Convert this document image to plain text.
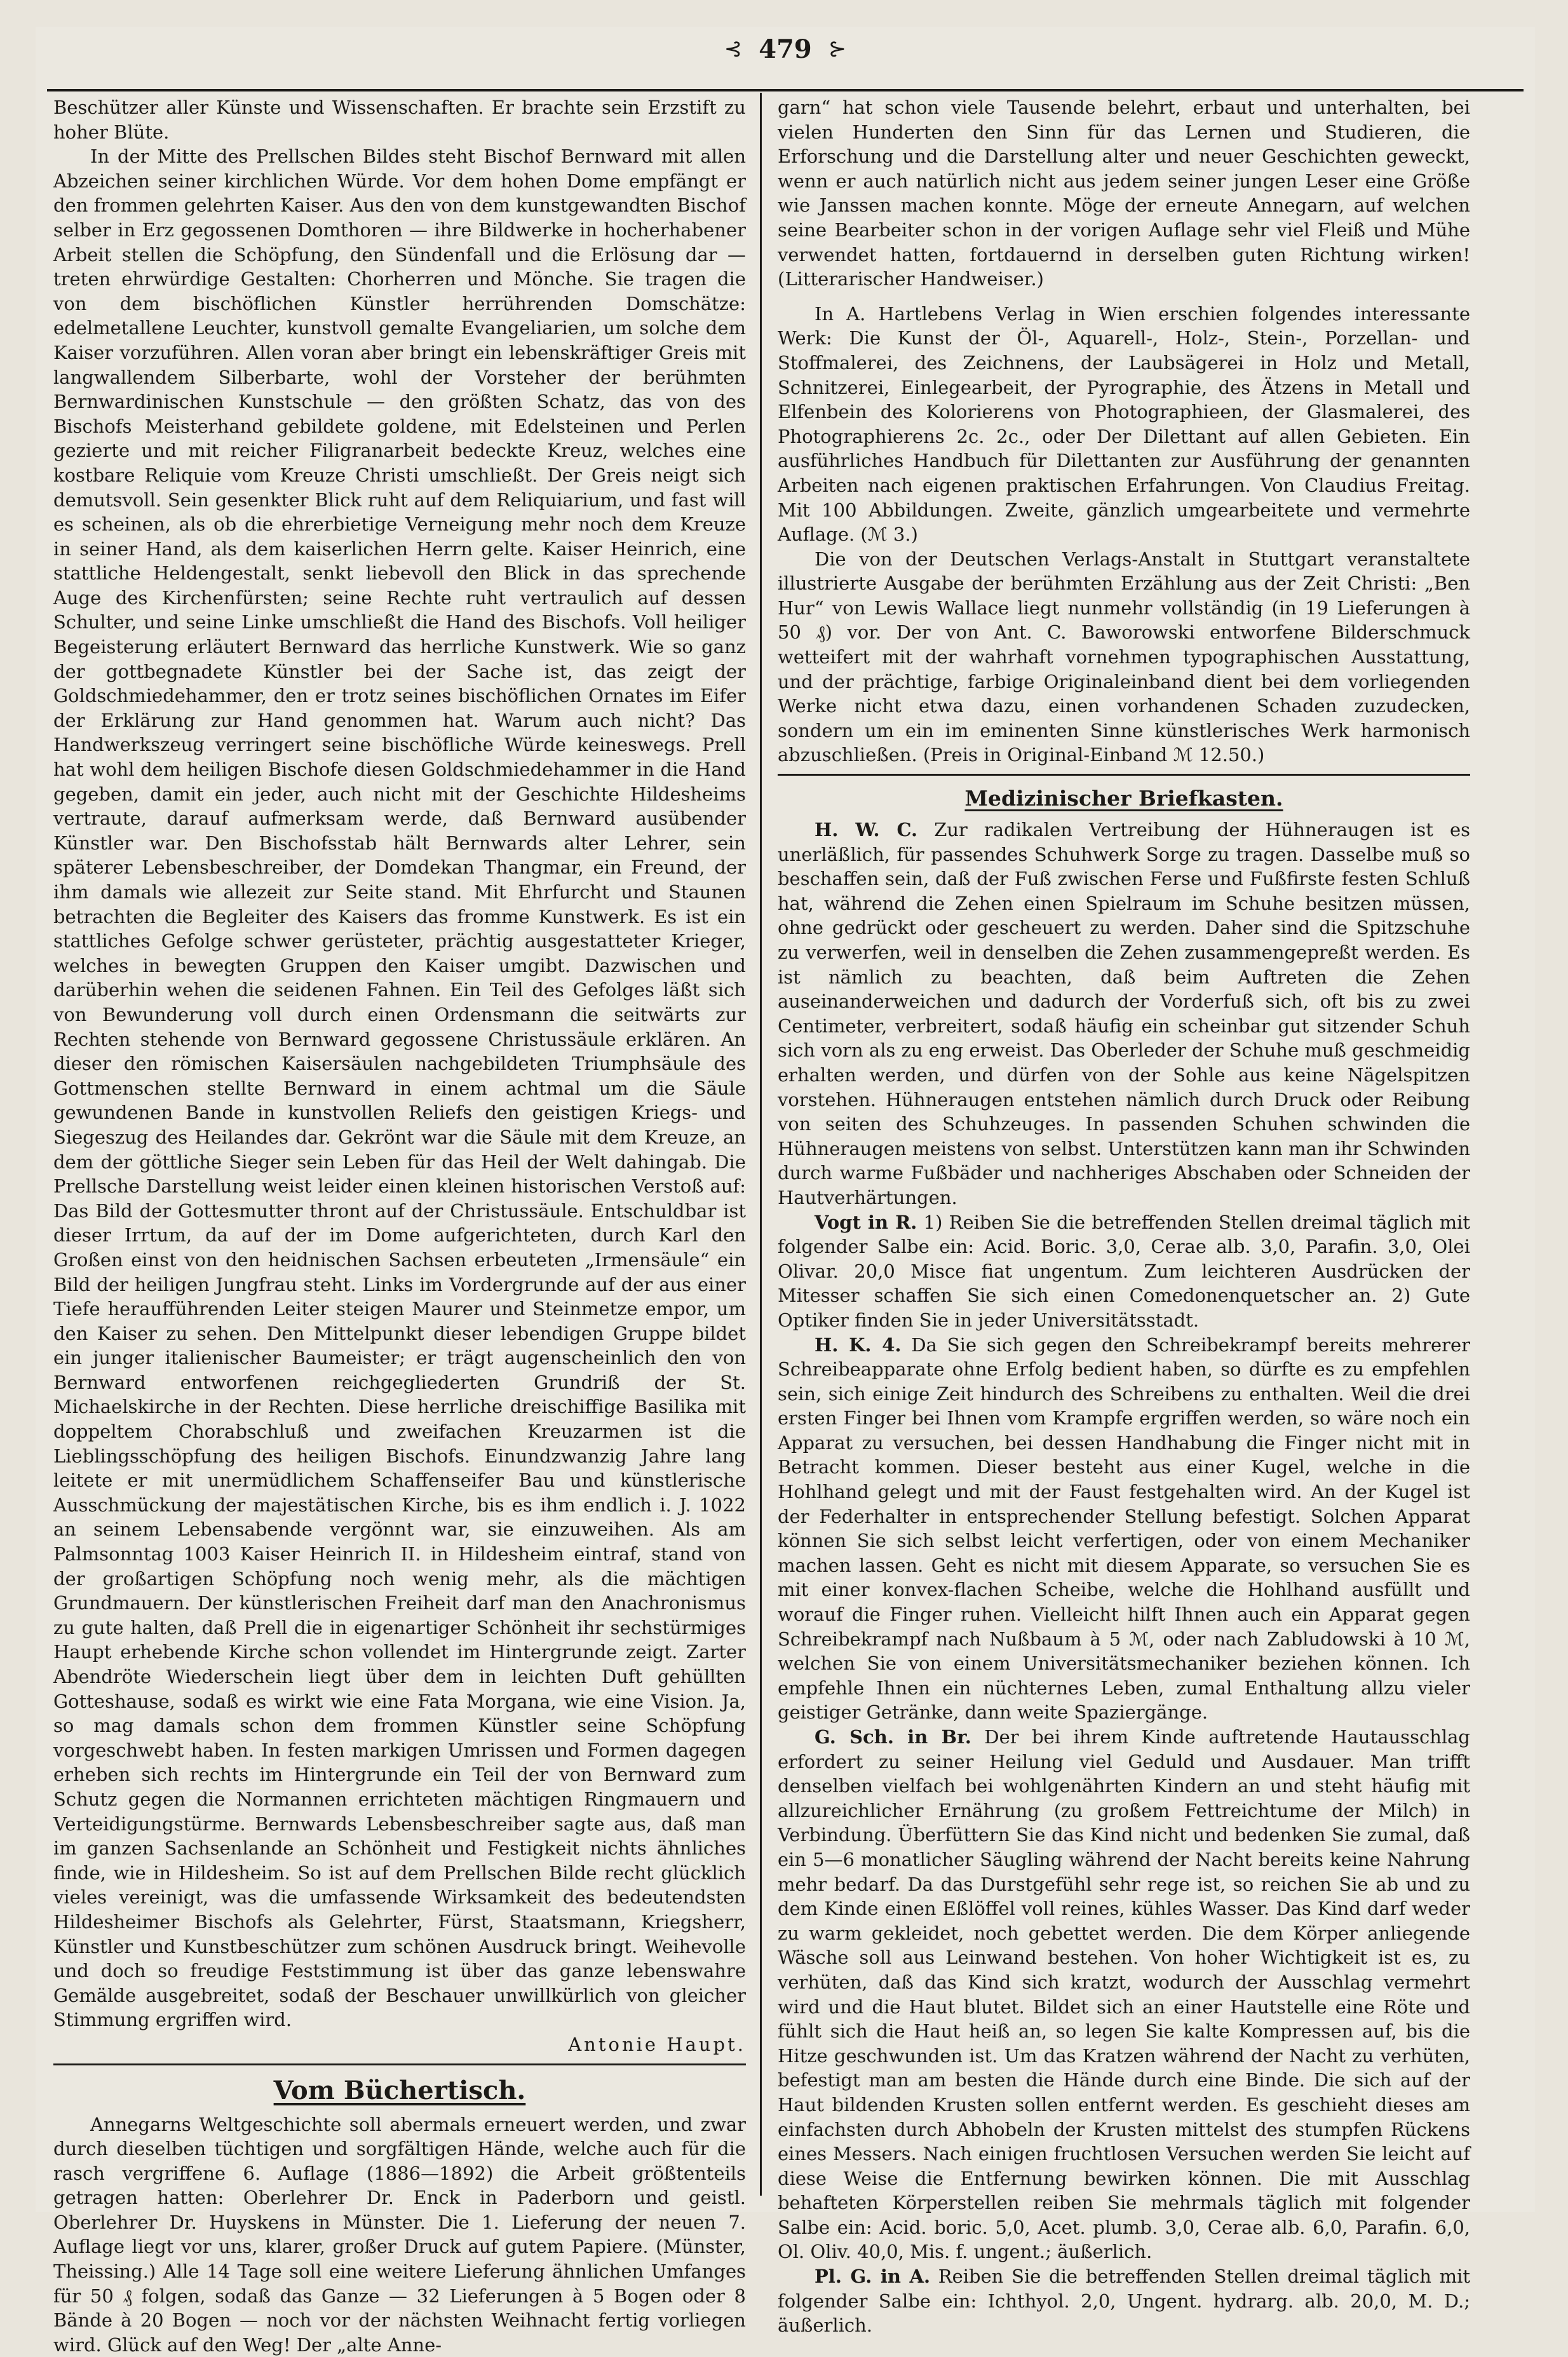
⊰ 479 ⊱

Beschützer aller Künste und Wissenschaften. Er brachte sein Erzstift zu hoher Blüte.

In der Mitte des Prellschen Bildes steht Bischof Bernward mit allen Abzeichen seiner kirchlichen Würde. Vor dem hohen Dome empfängt er den frommen gelehrten Kaiser. Aus den von dem kunstgewandten Bischof selber in Erz gegossenen Domthoren — ihre Bildwerke in hocherhabener Arbeit stellen die Schöpfung, den Sündenfall und die Erlösung dar — treten ehrwürdige Gestalten: Chorherren und Mönche. Sie tragen die von dem bischöflichen Künstler herrührenden Domschätze: edelmetallene Leuchter, kunstvoll gemalte Evangeliarien, um solche dem Kaiser vorzuführen. Allen voran aber bringt ein lebenskräftiger Greis mit langwallendem Silberbarte, wohl der Vorsteher der berühmten Bernwardinischen Kunstschule — den größten Schatz, das von des Bischofs Meisterhand gebildete goldene, mit Edelsteinen und Perlen gezierte und mit reicher Filigranarbeit bedeckte Kreuz, welches eine kostbare Reliquie vom Kreuze Christi umschließt. Der Greis neigt sich demutsvoll. Sein gesenkter Blick ruht auf dem Reliquiarium, und fast will es scheinen, als ob die ehrerbietige Verneigung mehr noch dem Kreuze in seiner Hand, als dem kaiserlichen Herrn gelte. Kaiser Heinrich, eine stattliche Heldengestalt, senkt liebevoll den Blick in das sprechende Auge des Kirchenfürsten; seine Rechte ruht vertraulich auf dessen Schulter, und seine Linke umschließt die Hand des Bischofs. Voll heiliger Begeisterung erläutert Bernward das herrliche Kunstwerk. Wie so ganz der gottbegnadete Künstler bei der Sache ist, das zeigt der Goldschmiedehammer, den er trotz seines bischöflichen Ornates im Eifer der Erklärung zur Hand genommen hat. Warum auch nicht? Das Handwerkszeug verringert seine bischöfliche Würde keineswegs. Prell hat wohl dem heiligen Bischofe diesen Goldschmiedehammer in die Hand gegeben, damit ein jeder, auch nicht mit der Geschichte Hildesheims vertraute, darauf aufmerksam werde, daß Bernward ausübender Künstler war. Den Bischofsstab hält Bernwards alter Lehrer, sein späterer Lebensbeschreiber, der Domdekan Thangmar, ein Freund, der ihm damals wie allezeit zur Seite stand. Mit Ehrfurcht und Staunen betrachten die Begleiter des Kaisers das fromme Kunstwerk. Es ist ein stattliches Gefolge schwer gerüsteter, prächtig ausgestatteter Krieger, welches in bewegten Gruppen den Kaiser umgibt. Dazwischen und darüberhin wehen die seidenen Fahnen. Ein Teil des Gefolges läßt sich von Bewunderung voll durch einen Ordensmann die seitwärts zur Rechten stehende von Bernward gegossene Christussäule erklären. An dieser den römischen Kaisersäulen nachgebildeten Triumphsäule des Gottmenschen stellte Bernward in einem achtmal um die Säule gewundenen Bande in kunstvollen Reliefs den geistigen Kriegs- und Siegeszug des Heilandes dar. Gekrönt war die Säule mit dem Kreuze, an dem der göttliche Sieger sein Leben für das Heil der Welt dahingab. Die Prellsche Darstellung weist leider einen kleinen historischen Verstoß auf: Das Bild der Gottesmutter thront auf der Christussäule. Entschuldbar ist dieser Irrtum, da auf der im Dome aufgerichteten, durch Karl den Großen einst von den heidnischen Sachsen erbeuteten „Irmensäule“ ein Bild der heiligen Jungfrau steht. Links im Vordergrunde auf der aus einer Tiefe heraufführenden Leiter steigen Maurer und Steinmetze empor, um den Kaiser zu sehen. Den Mittelpunkt dieser lebendigen Gruppe bildet ein junger italienischer Baumeister; er trägt augenscheinlich den von Bernward entworfenen reichgegliederten Grundriß der St. Michaelskirche in der Rechten. Diese herrliche dreischiffige Basilika mit doppeltem Chorabschluß und zweifachen Kreuzarmen ist die Lieblingsschöpfung des heiligen Bischofs. Einundzwanzig Jahre lang leitete er mit unermüdlichem Schaffenseifer Bau und künstlerische Ausschmückung der majestätischen Kirche, bis es ihm endlich i. J. 1022 an seinem Lebensabende vergönnt war, sie einzuweihen. Als am Palmsonntag 1003 Kaiser Heinrich II. in Hildesheim eintraf, stand von der großartigen Schöpfung noch wenig mehr, als die mächtigen Grundmauern. Der künstlerischen Freiheit darf man den Anachronismus zu gute halten, daß Prell die in eigenartiger Schönheit ihr sechstürmiges Haupt erhebende Kirche schon vollendet im Hintergrunde zeigt. Zarter Abendröte Wiederschein liegt über dem in leichten Duft gehüllten Gotteshause, sodaß es wirkt wie eine Fata Morgana, wie eine Vision. Ja, so mag damals schon dem frommen Künstler seine Schöpfung vorgeschwebt haben. In festen markigen Umrissen und Formen dagegen erheben sich rechts im Hintergrunde ein Teil der von Bernward zum Schutz gegen die Normannen errichteten mächtigen Ringmauern und Verteidigungstürme. Bernwards Lebensbeschreiber sagte aus, daß man im ganzen Sachsenlande an Schönheit und Festigkeit nichts ähnliches finde, wie in Hildesheim. So ist auf dem Prellschen Bilde recht glücklich vieles vereinigt, was die umfassende Wirksamkeit des bedeutendsten Hildesheimer Bischofs als Gelehrter, Fürst, Staatsmann, Kriegsherr, Künstler und Kunstbeschützer zum schönen Ausdruck bringt. Weihevolle und doch so freudige Feststimmung ist über das ganze lebenswahre Gemälde ausgebreitet, sodaß der Beschauer unwillkürlich von gleicher Stimmung ergriffen wird.

Antonie Haupt.
Vom Büchertisch.

Annegarns Weltgeschichte soll abermals erneuert werden, und zwar durch dieselben tüchtigen und sorgfältigen Hände, welche auch für die rasch vergriffene 6. Auflage (1886—1892) die Arbeit größtenteils getragen hatten: Oberlehrer Dr. Enck in Paderborn und geistl. Oberlehrer Dr. Huyskens in Münster. Die 1. Lieferung der neuen 7. Auflage liegt vor uns, klarer, großer Druck auf gutem Papiere. (Münster, Theissing.) Alle 14 Tage soll eine weitere Lieferung ähnlichen Umfanges für 50 ₰ folgen, sodaß das Ganze — 32 Lieferungen à 5 Bogen oder 8 Bände à 20 Bogen — noch vor der nächsten Weihnacht fertig vorliegen wird. Glück auf den Weg! Der „alte Anne-

garn“ hat schon viele Tausende belehrt, erbaut und unterhalten, bei vielen Hunderten den Sinn für das Lernen und Studieren, die Erforschung und die Darstellung alter und neuer Geschichten geweckt, wenn er auch natürlich nicht aus jedem seiner jungen Leser eine Größe wie Janssen machen konnte. Möge der erneute Annegarn, auf welchen seine Bearbeiter schon in der vorigen Auflage sehr viel Fleiß und Mühe verwendet hatten, fortdauernd in derselben guten Richtung wirken! (Litterarischer Handweiser.)

In A. Hartlebens Verlag in Wien erschien folgendes interessante Werk: Die Kunst der Öl-, Aquarell-, Holz-, Stein-, Porzellan- und Stoffmalerei, des Zeichnens, der Laubsägerei in Holz und Metall, Schnitzerei, Einlegearbeit, der Pyrographie, des Ätzens in Metall und Elfenbein des Kolorierens von Photographieen, der Glasmalerei, des Photographierens 2c. 2c., oder Der Dilettant auf allen Gebieten. Ein ausführliches Handbuch für Dilettanten zur Ausführung der genannten Arbeiten nach eigenen praktischen Erfahrungen. Von Claudius Freitag. Mit 100 Abbildungen. Zweite, gänzlich umgearbeitete und vermehrte Auflage. (ℳ 3.)

Die von der Deutschen Verlags-Anstalt in Stuttgart veranstaltete illustrierte Ausgabe der berühmten Erzählung aus der Zeit Christi: „Ben Hur“ von Lewis Wallace liegt nunmehr vollständig (in 19 Lieferungen à 50 ₰) vor. Der von Ant. C. Baworowski entworfene Bilderschmuck wetteifert mit der wahrhaft vornehmen typographischen Ausstattung, und der prächtige, farbige Originaleinband dient bei dem vorliegenden Werke nicht etwa dazu, einen vorhandenen Schaden zuzudecken, sondern um ein im eminenten Sinne künstlerisches Werk harmonisch abzuschließen. (Preis in Original-Einband ℳ 12.50.)

Medizinischer Briefkasten.

H. W. C. Zur radikalen Vertreibung der Hühneraugen ist es unerläßlich, für passendes Schuhwerk Sorge zu tragen. Dasselbe muß so beschaffen sein, daß der Fuß zwischen Ferse und Fußfirste festen Schluß hat, während die Zehen einen Spielraum im Schuhe besitzen müssen, ohne gedrückt oder gescheuert zu werden. Daher sind die Spitzschuhe zu verwerfen, weil in denselben die Zehen zusammengepreßt werden. Es ist nämlich zu beachten, daß beim Auftreten die Zehen auseinanderweichen und dadurch der Vorderfuß sich, oft bis zu zwei Centimeter, verbreitert, sodaß häufig ein scheinbar gut sitzender Schuh sich vorn als zu eng erweist. Das Oberleder der Schuhe muß geschmeidig erhalten werden, und dürfen von der Sohle aus keine Nägelspitzen vorstehen. Hühneraugen entstehen nämlich durch Druck oder Reibung von seiten des Schuhzeuges. In passenden Schuhen schwinden die Hühneraugen meistens von selbst. Unterstützen kann man ihr Schwinden durch warme Fußbäder und nachheriges Abschaben oder Schneiden der Hautverhärtungen.

Vogt in R. 1) Reiben Sie die betreffenden Stellen dreimal täglich mit folgender Salbe ein: Acid. Boric. 3,0, Cerae alb. 3,0, Parafin. 3,0, Olei Olivar. 20,0 Misce fiat ungentum. Zum leichteren Ausdrücken der Mitesser schaffen Sie sich einen Comedonenquetscher an. 2) Gute Optiker finden Sie in jeder Universitätsstadt.

H. K. 4. Da Sie sich gegen den Schreibekrampf bereits mehrerer Schreibeapparate ohne Erfolg bedient haben, so dürfte es zu empfehlen sein, sich einige Zeit hindurch des Schreibens zu enthalten. Weil die drei ersten Finger bei Ihnen vom Krampfe ergriffen werden, so wäre noch ein Apparat zu versuchen, bei dessen Handhabung die Finger nicht mit in Betracht kommen. Dieser besteht aus einer Kugel, welche in die Hohlhand gelegt und mit der Faust festgehalten wird. An der Kugel ist der Federhalter in entsprechender Stellung befestigt. Solchen Apparat können Sie sich selbst leicht verfertigen, oder von einem Mechaniker machen lassen. Geht es nicht mit diesem Apparate, so versuchen Sie es mit einer konvex-flachen Scheibe, welche die Hohlhand ausfüllt und worauf die Finger ruhen. Vielleicht hilft Ihnen auch ein Apparat gegen Schreibekrampf nach Nußbaum à 5 ℳ, oder nach Zabludowski à 10 ℳ, welchen Sie von einem Universitätsmechaniker beziehen können. Ich empfehle Ihnen ein nüchternes Leben, zumal Enthaltung allzu vieler geistiger Getränke, dann weite Spaziergänge.

G. Sch. in Br. Der bei ihrem Kinde auftretende Hautausschlag erfordert zu seiner Heilung viel Geduld und Ausdauer. Man trifft denselben vielfach bei wohlgenährten Kindern an und steht häufig mit allzureichlicher Ernährung (zu großem Fettreichtume der Milch) in Verbindung. Überfüttern Sie das Kind nicht und bedenken Sie zumal, daß ein 5—6 monatlicher Säugling während der Nacht bereits keine Nahrung mehr bedarf. Da das Durstgefühl sehr rege ist, so reichen Sie ab und zu dem Kinde einen Eßlöffel voll reines, kühles Wasser. Das Kind darf weder zu warm gekleidet, noch gebettet werden. Die dem Körper anliegende Wäsche soll aus Leinwand bestehen. Von hoher Wichtigkeit ist es, zu verhüten, daß das Kind sich kratzt, wodurch der Ausschlag vermehrt wird und die Haut blutet. Bildet sich an einer Hautstelle eine Röte und fühlt sich die Haut heiß an, so legen Sie kalte Kompressen auf, bis die Hitze geschwunden ist. Um das Kratzen während der Nacht zu verhüten, befestigt man am besten die Hände durch eine Binde. Die sich auf der Haut bildenden Krusten sollen entfernt werden. Es geschieht dieses am einfachsten durch Abhobeln der Krusten mittelst des stumpfen Rückens eines Messers. Nach einigen fruchtlosen Versuchen werden Sie leicht auf diese Weise die Entfernung bewirken können. Die mit Ausschlag behafteten Körperstellen reiben Sie mehrmals täglich mit folgender Salbe ein: Acid. boric. 5,0, Acet. plumb. 3,0, Cerae alb. 6,0, Parafin. 6,0, Ol. Oliv. 40,0, Mis. f. ungent.; äußerlich.

Pl. G. in A. Reiben Sie die betreffenden Stellen dreimal täglich mit folgender Salbe ein: Ichthyol. 2,0, Ungent. hydrarg. alb. 20,0, M. D.; äußerlich.
